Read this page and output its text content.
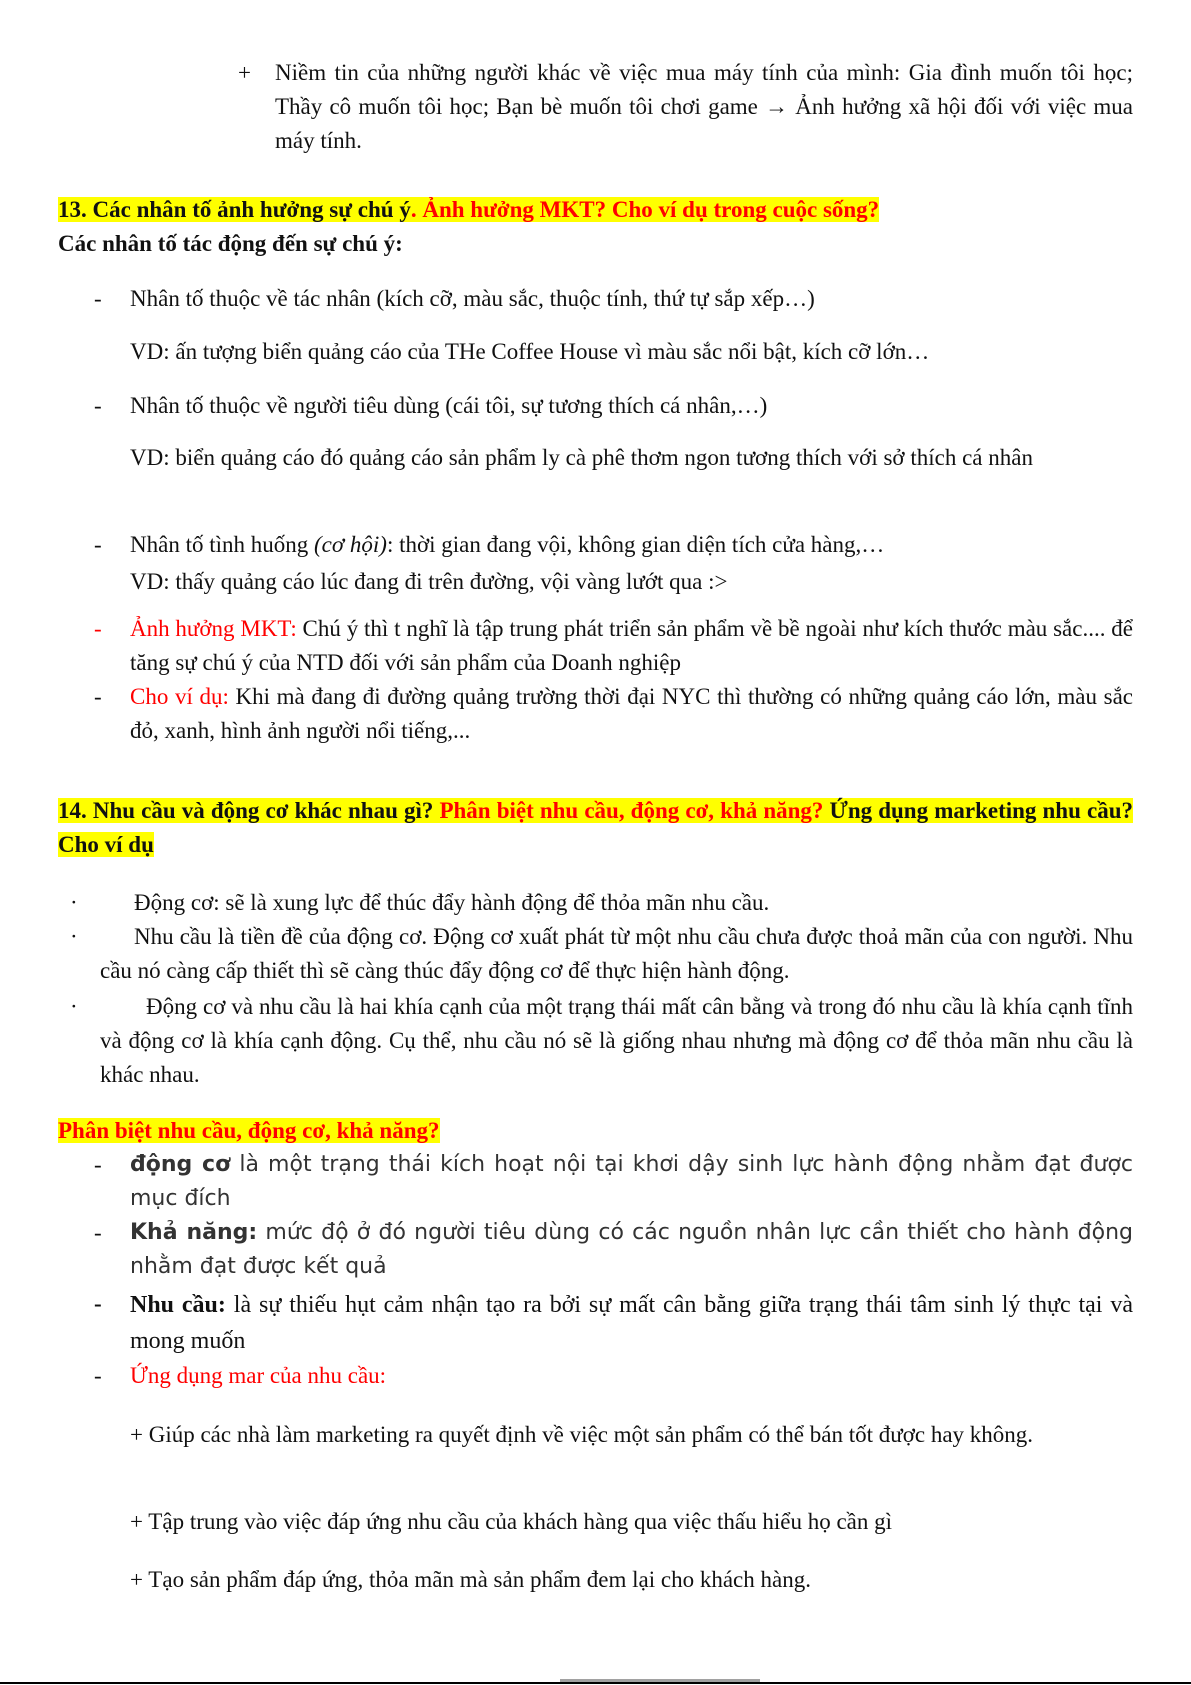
+ Niềm tin của những người khác về việc mua máy tính của mình: Gia đình muốn tôi học; Thầy cô muốn tôi học; Bạn bè muốn tôi chơi game → Ảnh hưởng xã hội đối với việc mua máy tính.
13. Các nhân tố ảnh hưởng sự chú ý. Ảnh hưởng MKT? Cho ví dụ trong cuộc sống?
Các nhân tố tác động đến sự chú ý:
- Nhân tố thuộc về tác nhân (kích cỡ, màu sắc, thuộc tính, thứ tự sắp xếp…)
VD: ấn tượng biển quảng cáo của THe Coffee House vì màu sắc nổi bật, kích cỡ lớn…
- Nhân tố thuộc về người tiêu dùng (cái tôi, sự tương thích cá nhân,…)
VD: biển quảng cáo đó quảng cáo sản phẩm ly cà phê thơm ngon tương thích với sở thích cá nhân
- Nhân tố tình huống (cơ hội): thời gian đang vội, không gian diện tích cửa hàng,…
VD: thấy quảng cáo lúc đang đi trên đường, vội vàng lướt qua :>
- Ảnh hưởng MKT: Chú ý thì t nghĩ là tập trung phát triển sản phẩm về bề ngoài như kích thước màu sắc.... để tăng sự chú ý của NTD đối với sản phẩm của Doanh nghiệp
- Cho ví dụ: Khi mà đang đi đường quảng trường thời đại NYC thì thường có những quảng cáo lớn, màu sắc đỏ, xanh, hình ảnh người nổi tiếng,...
14. Nhu cầu và động cơ khác nhau gì? Phân biệt nhu cầu, động cơ, khả năng? Ứng dụng marketing nhu cầu? Cho ví dụ
· Động cơ: sẽ là xung lực để thúc đẩy hành động để thỏa mãn nhu cầu.
·	Nhu cầu là tiền đề của động cơ. Động cơ xuất phát từ một nhu cầu chưa được thoả mãn của con người. Nhu cầu nó càng cấp thiết thì sẽ càng thúc đẩy động cơ để thực hiện hành động.
·	Động cơ và nhu cầu là hai khía cạnh của một trạng thái mất cân bằng và trong đó nhu cầu là khía cạnh tĩnh và động cơ là khía cạnh động. Cụ thể, nhu cầu nó sẽ là giống nhau nhưng mà động cơ để thỏa mãn nhu cầu là khác nhau.
Phân biệt nhu cầu, động cơ, khả năng?
- động cơ là một trạng thái kích hoạt nội tại khơi dậy sinh lực hành động nhằm đạt được mục đích
- Khả năng: mức độ ở đó người tiêu dùng có các nguồn nhân lực cần thiết cho hành động nhằm đạt được kết quả
- Nhu cầu: là sự thiếu hụt cảm nhận tạo ra bởi sự mất cân bằng giữa trạng thái tâm sinh lý thực tại và mong muốn
- Ứng dụng mar của nhu cầu:
+ Giúp các nhà làm marketing ra quyết định về việc một sản phẩm có thể bán tốt được hay không.
+ Tập trung vào việc đáp ứng nhu cầu của khách hàng qua việc thấu hiểu họ cần gì
+ Tạo sản phẩm đáp ứng, thỏa mãn mà sản phẩm đem lại cho khách hàng.
